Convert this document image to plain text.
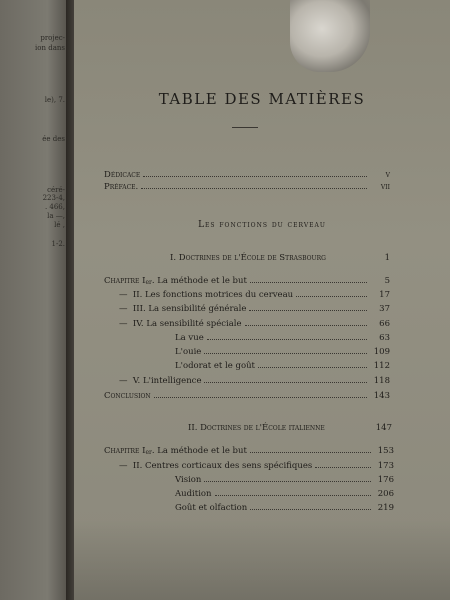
projec-
ion dans
le), 7.
ée des
céré-
223-4,
. 466,
la —,
lé ,
1-2.
TABLE DES MATIÈRES
Dédicace	v
Préface.	vii
Les fonctions du cerveau
I. Doctrines de l'École de Strasbourg	1
Chapitre I er . La méthode et le but	5
—
II. Les fonctions motrices du cerveau	17
—
III. La sensibilité générale	37
—
IV. La sensibilité spéciale	66
La vue	63
L'ouie	109
L'odorat et le goût	112
—
V. L'intelligence	118
Conclusion	143
II. Doctrines de l'École italienne	147
Chapitre I er . La méthode et le but	153
—
II. Centres corticaux des sens spécifiques	173
Vision	176
Audition	206
Goût et olfaction	219
